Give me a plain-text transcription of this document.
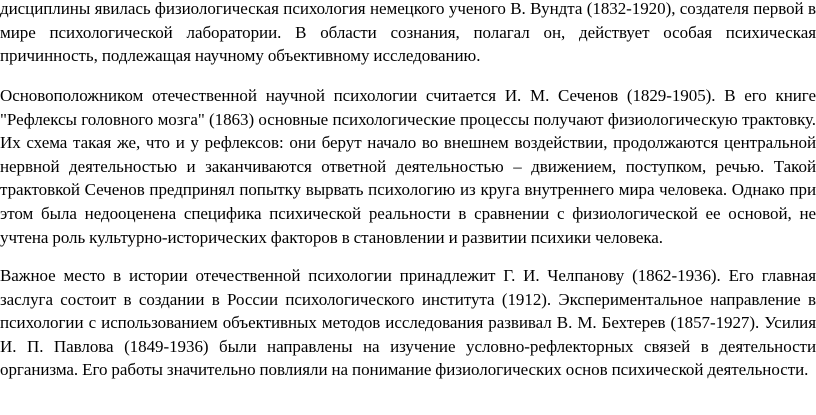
дисциплины явилась физиологическая психология немецкого ученого В. Вундта (1832-1920), создателя первой в мире психологической лаборатории. В области сознания, полагал он, действует особая психическая причинность, подлежащая научному объективному исследованию.

Основоположником отечественной научной психологии считается И. М. Сеченов (1829-1905). В его книге "Рефлексы головного мозга" (1863) основные психологические процессы получают физиологическую трактовку. Их схема такая же, что и у рефлексов: они берут начало во внешнем воздействии, продолжаются центральной нервной деятельностью и заканчиваются ответной деятельностью – движением, поступком, речью. Такой трактовкой Сеченов предпринял попытку вырвать психологию из круга внутреннего мира человека. Однако при этом была недооценена специфика психической реальности в сравнении с физиологической ее основой, не учтена роль культурно-исторических факторов в становлении и развитии психики человека.

Важное место в истории отечественной психологии принадлежит Г. И. Челпанову (1862-1936). Его главная заслуга состоит в создании в России психологического института (1912). Экспериментальное направление в психологии с использованием объективных методов исследования развивал В. М. Бехтерев (1857-1927). Усилия И. П. Павлова (1849-1936) были направлены на изучение условно-рефлекторных связей в деятельности организма. Его работы значительно повлияли на понимание физиологических основ психической деятельности.
